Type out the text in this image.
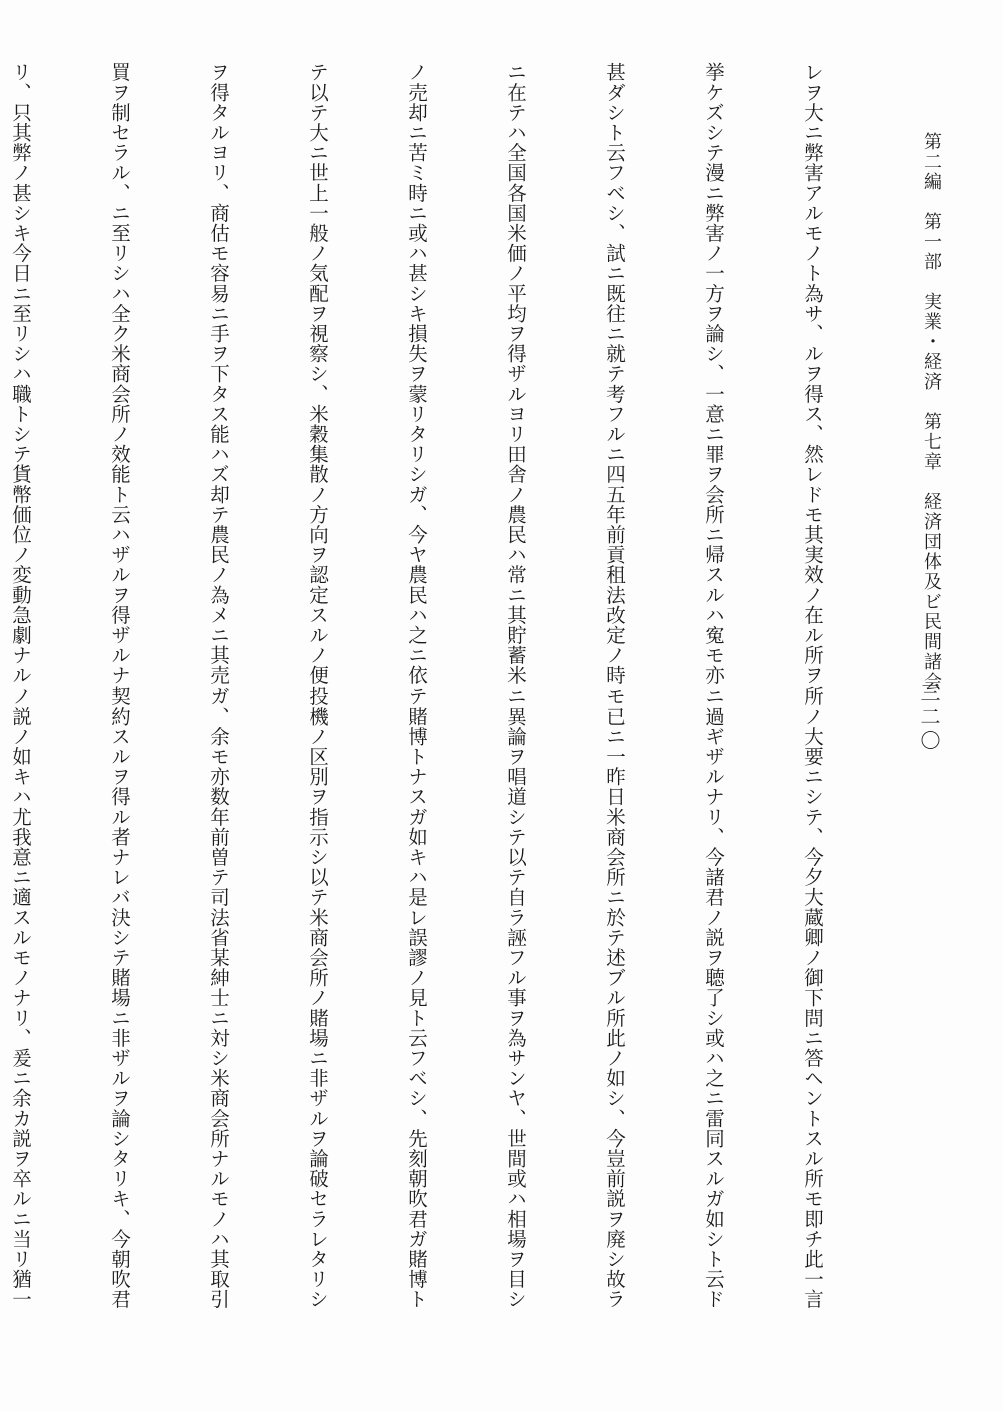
第二編　第一部　実業・経済　第七章　経済団体及ビ民間諸会
三二〇

レヲ大ニ弊害アルモノト為サ、ルヲ得ス、然レドモ其実效ノ在ル所ヲ

挙ケズシテ漫ニ弊害ノ一方ヲ論シ、一意ニ罪ヲ会所ニ帰スルハ寃モ亦

甚ダシト云フベシ、試ニ既往ニ就テ考フルニ四五年前貢租法改定ノ時

ニ在テハ全国各国米価ノ平均ヲ得ザルヨリ田舎ノ農民ハ常ニ其貯蓄米

ノ売却ニ苦ミ時ニ或ハ甚シキ損失ヲ蒙リタリシガ、今ヤ農民ハ之ニ依

テ以テ大ニ世上一般ノ気配ヲ視察シ、米穀集散ノ方向ヲ認定スルノ便

ヲ得タルヨリ、商估モ容易ニ手ヲ下タス能ハズ却テ農民ノ為メニ其売

買ヲ制セラル、ニ至リシハ全ク米商会所ノ效能ト云ハザルヲ得ザルナ

リ、只其弊ノ甚シキ今日ニ至リシハ職トシテ貨幣価位ノ変動急劇ナル

所ノ大要ニシテ、今夕大蔵卿ノ御下問ニ答ヘントスル所モ即チ此一言

ニ過ギザルナリ、今諸君ノ説ヲ聴了シ或ハ之ニ雷同スルガ如シト云ド

モ已ニ一昨日米商会所ニ於テ述ブル所此ノ如シ、今豈前説ヲ廃シ故ラ

ニ異論ヲ唱道シテ以テ自ラ誣フル事ヲ為サンヤ、世間或ハ相場ヲ目シ

テ賭博トナスガ如キハ是レ誤謬ノ見ト云フベシ、先刻朝吹君ガ賭博ト

投機ノ区別ヲ指示シ以テ米商会所ノ賭場ニ非ザルヲ論破セラレタリシ

ガ、余モ亦数年前曽テ司法省某紳士ニ対シ米商会所ナルモノハ其取引

契約スルヲ得ル者ナレバ決シテ賭場ニ非ザルヲ論シタリキ、今朝吹君

ノ説ノ如キハ尤我意ニ適スルモノナリ、爰ニ余カ説ヲ卒ルニ当リ猶一
